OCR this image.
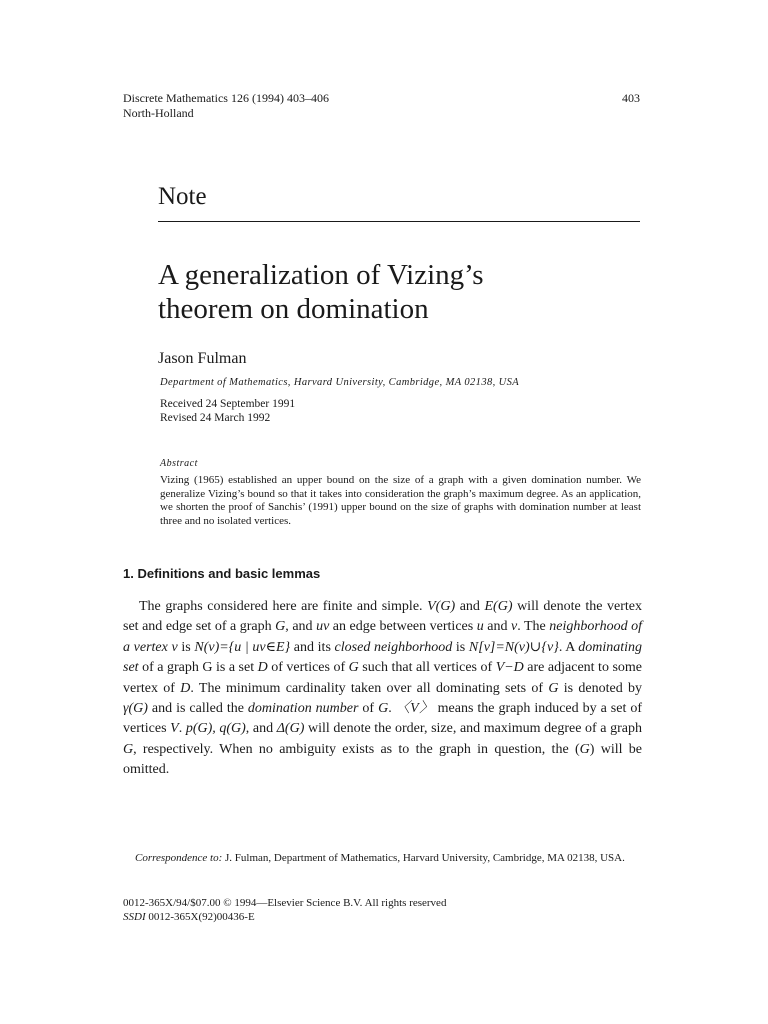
Discrete Mathematics 126 (1994) 403–406
North-Holland
403
Note
A generalization of Vizing’s
theorem on domination
Jason Fulman
Department of Mathematics, Harvard University, Cambridge, MA 02138, USA
Received 24 September 1991
Revised 24 March 1992
Abstract
Vizing (1965) established an upper bound on the size of a graph with a given domination number. We generalize Vizing’s bound so that it takes into consideration the graph’s maximum degree. As an application, we shorten the proof of Sanchis’ (1991) upper bound on the size of graphs with domination number at least three and no isolated vertices.
1. Definitions and basic lemmas

The graphs considered here are finite and simple. V(G) and E(G) will denote the vertex set and edge set of a graph G, and uv an edge between vertices u and v. The neighborhood of a vertex v is N(v)={u | uv∈E} and its closed neighborhood is N[v]=N(v)∪{v}. A dominating set of a graph G is a set D of vertices of G such that all vertices of V−D are adjacent to some vertex of D. The minimum cardinality taken over all dominating sets of G is denoted by γ(G) and is called the domination number of G. 〈V〉 means the graph induced by a set of vertices V. p(G), q(G), and Δ(G) will denote the order, size, and maximum degree of a graph G, respectively. When no ambiguity exists as to the graph in question, the (G) will be omitted.

Correspondence to: J. Fulman, Department of Mathematics, Harvard University, Cambridge, MA 02138, USA.

0012-365X/94/$07.00 © 1994—Elsevier Science B.V. All rights reserved
SSDI 0012-365X(92)00436-E
